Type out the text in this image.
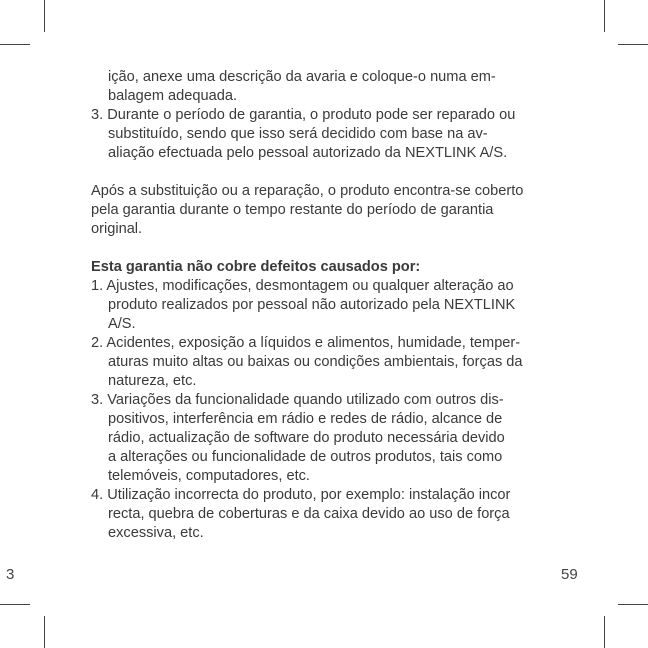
ição, anexe uma descrição da avaria e coloque-o numa em-
balagem adequada.
3. Durante o período de garantia, o produto pode ser reparado ou
substituído, sendo que isso será decidido com base na av-
aliação efectuada pelo pessoal autorizado da NEXTLINK A/S.
Após a substituição ou a reparação, o produto encontra-se coberto
pela garantia durante o tempo restante do período de garantia
original.
Esta garantia não cobre defeitos causados por:
1. Ajustes, modificações, desmontagem ou qualquer alteração ao
produto realizados por pessoal não autorizado pela NEXTLINK
A/S.
2. Acidentes, exposição a líquidos e alimentos, humidade, temper-
aturas muito altas ou baixas ou condições ambientais, forças da
natureza, etc.
3. Variações da funcionalidade quando utilizado com outros dis-
positivos, interferência em rádio e redes de rádio, alcance de
rádio, actualização de software do produto necessária devido
a alterações ou funcionalidade de outros produtos, tais como
telemóveis, computadores, etc.
4. Utilização incorrecta do produto, por exemplo: instalação incor
recta, quebra de coberturas e da caixa devido ao uso de força
excessiva, etc.
3	59
